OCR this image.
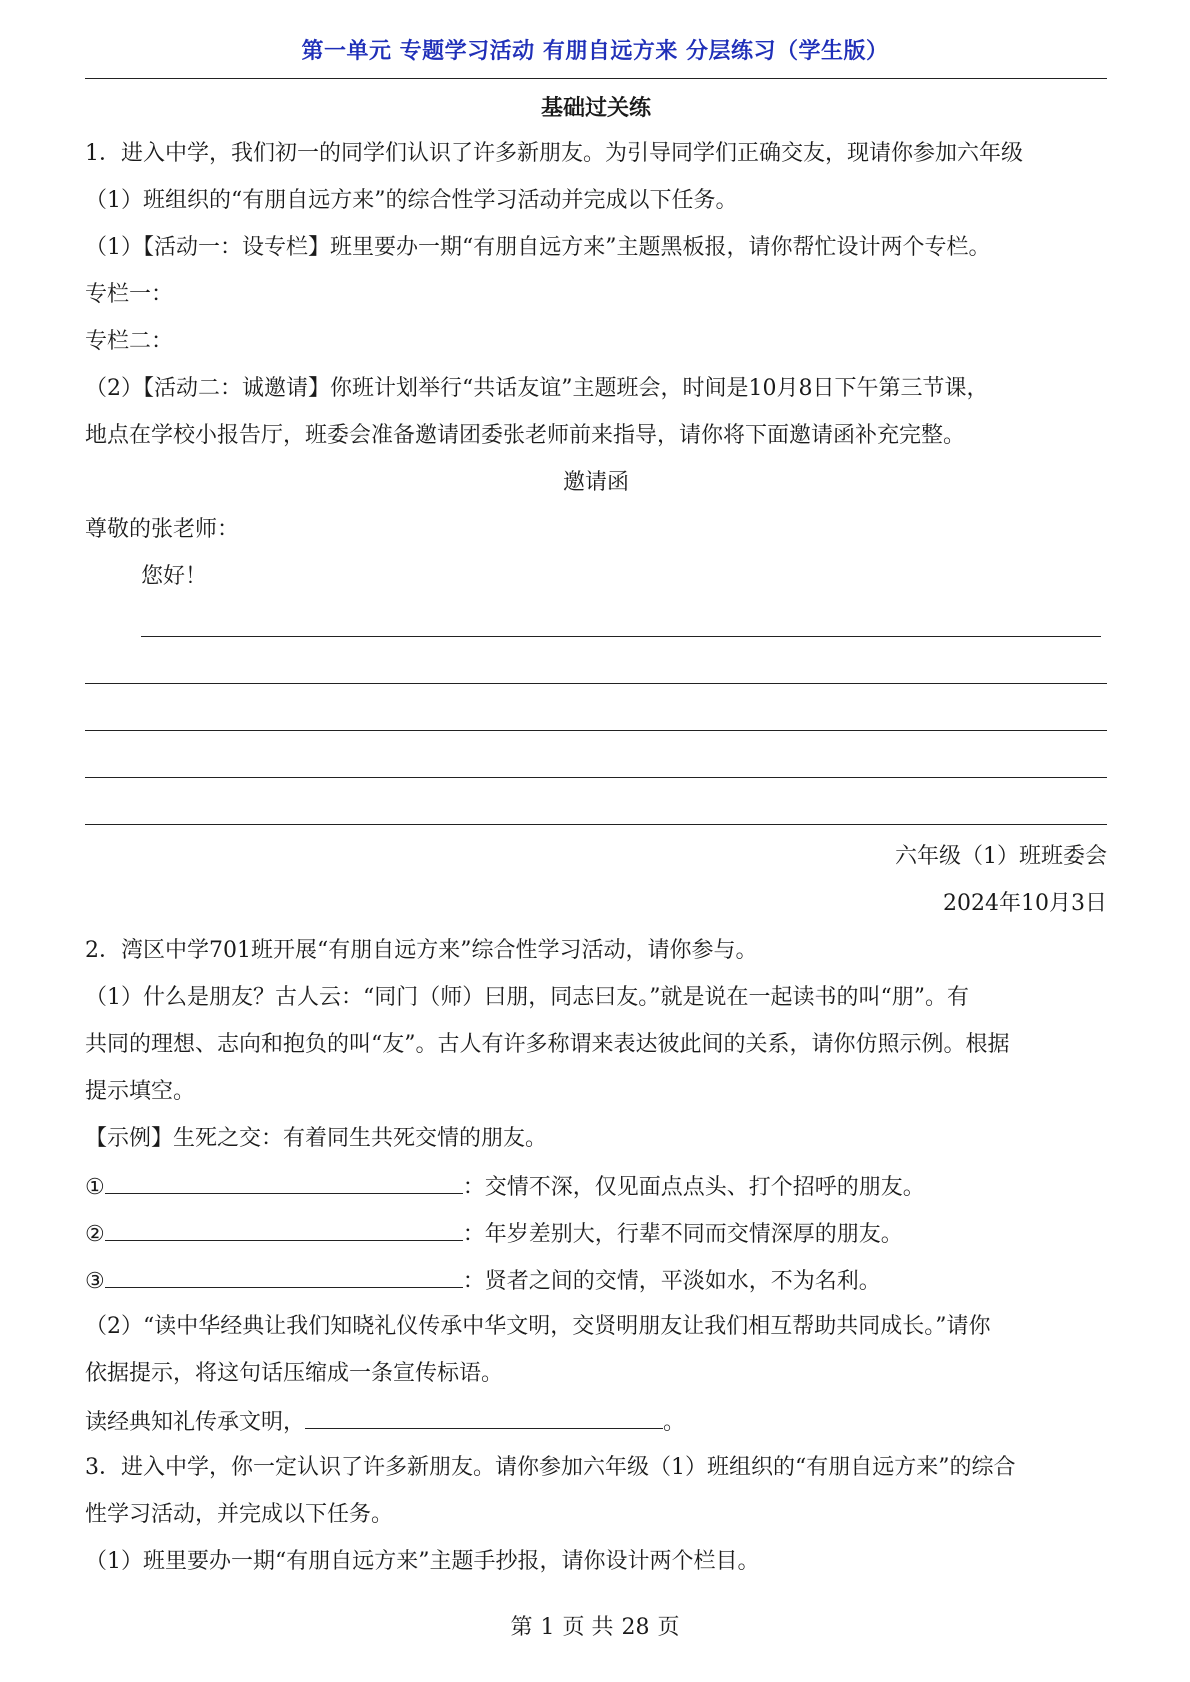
第一单元 专题学习活动 有朋自远方来 分层练习（学生版）
基础过关练
1．进入中学，我们初一的同学们认识了许多新朋友。为引导同学们正确交友，现请你参加六年级
（1）班组织的“有朋自远方来”的综合性学习活动并完成以下任务。
（1）【活动一：设专栏】班里要办一期“有朋自远方来”主题黑板报，请你帮忙设计两个专栏。
专栏一：
专栏二：
（2）【活动二：诚邀请】你班计划举行“共话友谊”主题班会，时间是10月8日下午第三节课，
地点在学校小报告厅，班委会准备邀请团委张老师前来指导，请你将下面邀请函补充完整。
邀请函
尊敬的张老师：
您好！
六年级（1）班班委会
2024年10月3日
2．湾区中学701班开展“有朋自远方来”综合性学习活动，请你参与。
（1）什么是朋友？古人云：“同门（师）曰朋，同志曰友。”就是说在一起读书的叫“朋”。有
共同的理想、志向和抱负的叫“友”。古人有许多称谓来表达彼此间的关系，请你仿照示例。根据
提示填空。
【示例】生死之交：有着同生共死交情的朋友。
①	：交情不深，仅见面点点头、打个招呼的朋友。
②	：年岁差别大，行辈不同而交情深厚的朋友。
③	：贤者之间的交情，平淡如水，不为名利。
（2）“读中华经典让我们知晓礼仪传承中华文明，交贤明朋友让我们相互帮助共同成长。”请你
依据提示，将这句话压缩成一条宣传标语。
读经典知礼传承文明，	。
3．进入中学，你一定认识了许多新朋友。请你参加六年级（1）班组织的“有朋自远方来”的综合
性学习活动，并完成以下任务。
（1）班里要办一期“有朋自远方来”主题手抄报，请你设计两个栏目。
第 1 页 共 28 页
